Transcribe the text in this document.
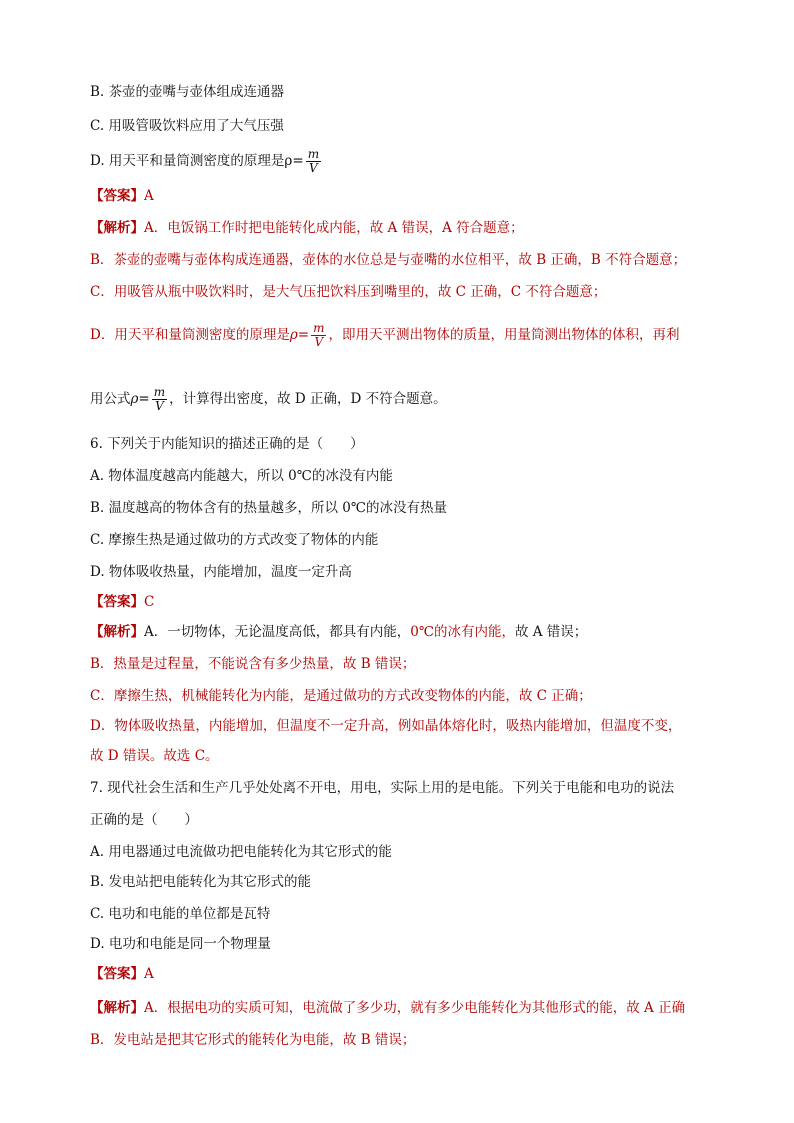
B. 茶壶的壶嘴与壶体组成连通器
C. 用吸管吸饮料应用了大气压强
D. 用天平和量筒测密度的原理是$\rho= \frac{m}{V}$
【答案】A
【解析】A．电饭锅工作时把电能转化成内能，故 A 错误，A 符合题意；
B．茶壶的壶嘴与壶体构成连通器，壶体的水位总是与壶嘴的水位相平，故 B 正确，B 不符合题意；
C．用吸管从瓶中吸饮料时，是大气压把饮料压到嘴里的，故 C 正确，C 不符合题意；
D．用天平和量筒测密度的原理是$\rho= \frac{m}{V}$ ，即用天平测出物体的质量，用量筒测出物体的体积，再利
用公式$\rho= \frac{m}{V}$ ，计算得出密度，故 D 正确，D 不符合题意。
6. 下列关于内能知识的描述正确的是（　　）
A. 物体温度越高内能越大，所以 0℃的冰没有内能
B. 温度越高的物体含有的热量越多，所以 0℃的冰没有热量
C. 摩擦生热是通过做功的方式改变了物体的内能
D. 物体吸收热量，内能增加，温度一定升高
【答案】C
【解析】A．一切物体，无论温度高低，都具有内能，0℃的冰有内能，故 A 错误；
B．热量是过程量，不能说含有多少热量，故 B 错误；
C．摩擦生热，机械能转化为内能，是通过做功的方式改变物体的内能，故 C 正确；
D．物体吸收热量，内能增加，但温度不一定升高，例如晶体熔化时，吸热内能增加，但温度不变，
故 D 错误。故选 C。
7. 现代社会生活和生产几乎处处离不开电，用电，实际上用的是电能。下列关于电能和电功的说法
正确的是（　　）
A. 用电器通过电流做功把电能转化为其它形式的能
B. 发电站把电能转化为其它形式的能
C. 电功和电能的单位都是瓦特
D. 电功和电能是同一个物理量
【答案】A
【解析】A．根据电功的实质可知，电流做了多少功，就有多少电能转化为其他形式的能，故 A 正确
B．发电站是把其它形式的能转化为电能，故 B 错误；
